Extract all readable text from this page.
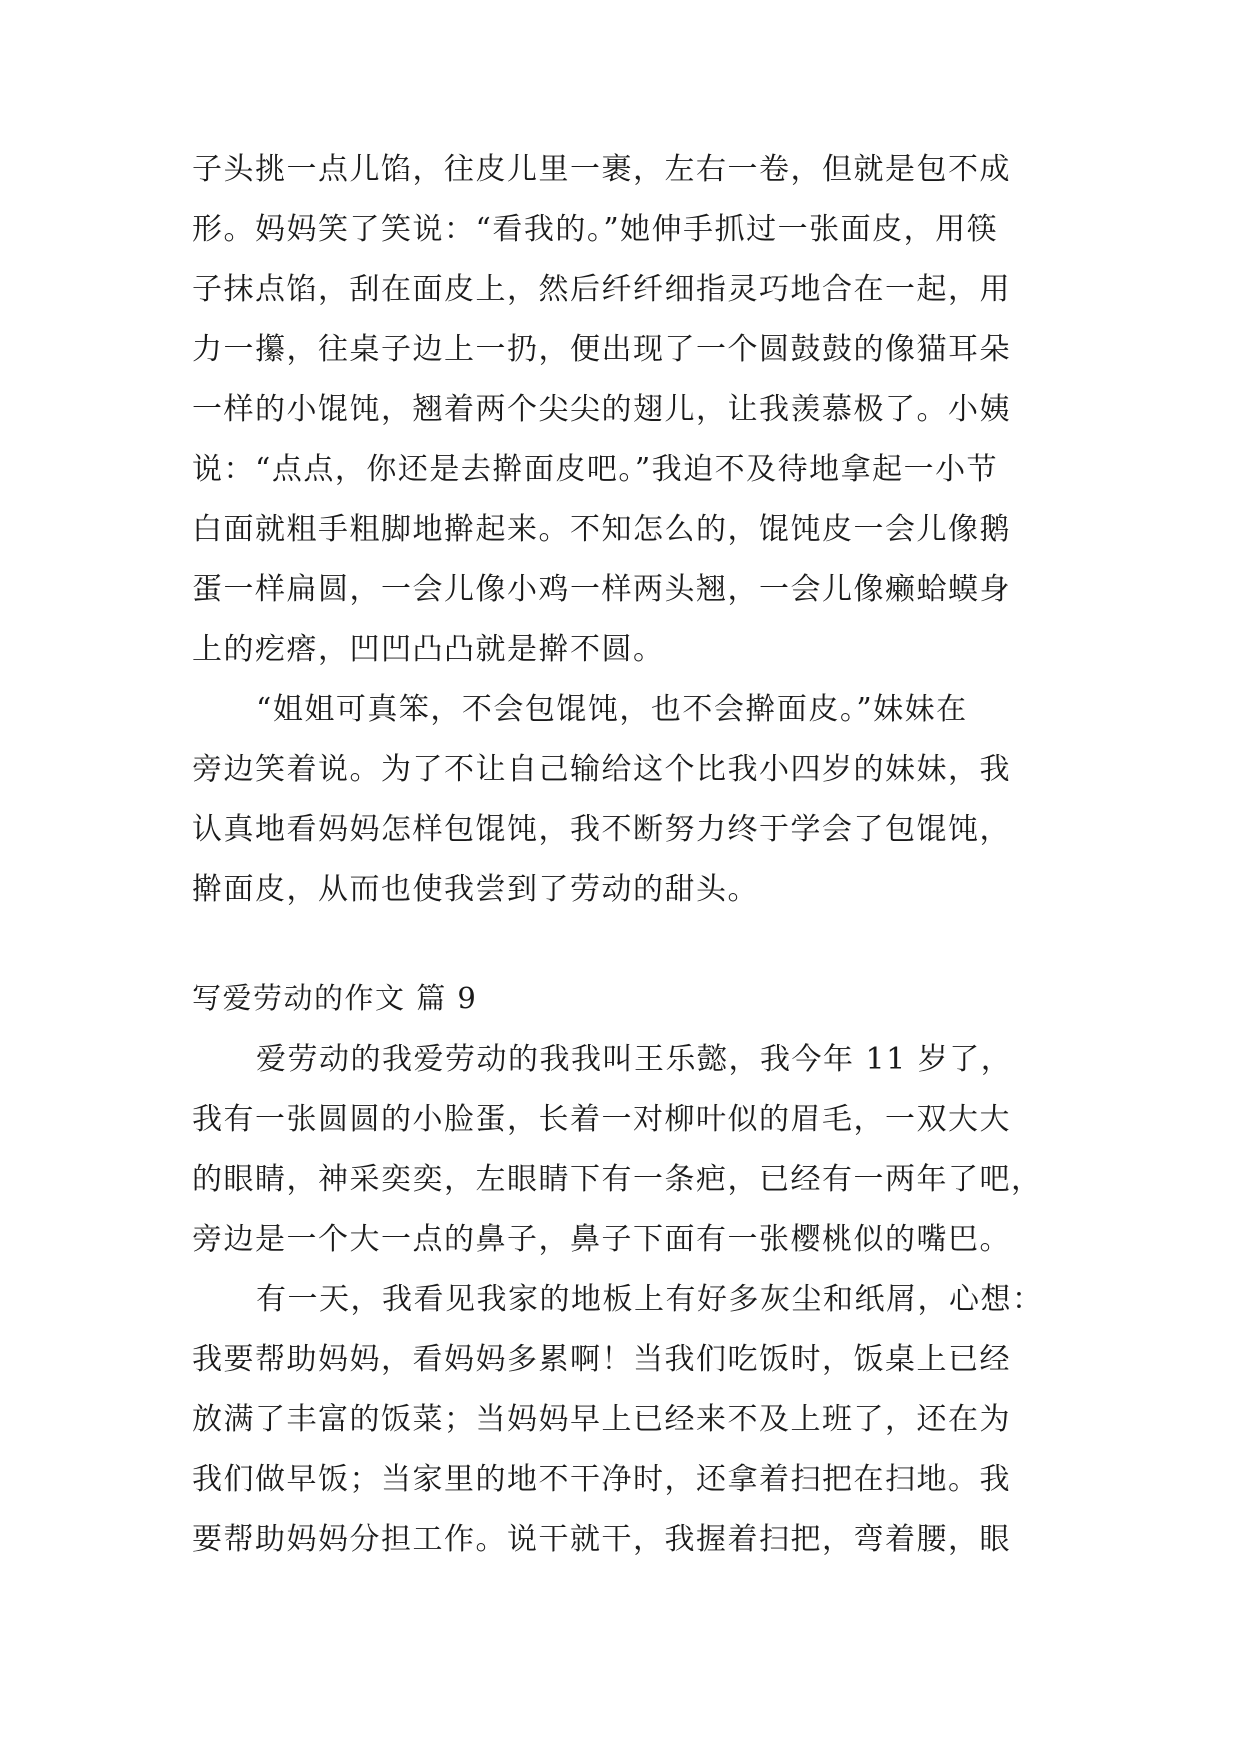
子头挑一点儿馅，往皮儿里一裹，左右一卷，但就是包不成
形。妈妈笑了笑说：“看我的。”她伸手抓过一张面皮，用筷
子抹点馅，刮在面皮上，然后纤纤细指灵巧地合在一起，用
力一攥，往桌子边上一扔，便出现了一个圆鼓鼓的像猫耳朵
一样的小馄饨，翘着两个尖尖的翅儿，让我羡慕极了。小姨
说：“点点，你还是去擀面皮吧。”我迫不及待地拿起一小节
白面就粗手粗脚地擀起来。不知怎么的，馄饨皮一会儿像鹅
蛋一样扁圆，一会儿像小鸡一样两头翘，一会儿像癞蛤蟆身
上的疙瘩，凹凹凸凸就是擀不圆。
“姐姐可真笨，不会包馄饨，也不会擀面皮。”妹妹在
旁边笑着说。为了不让自己输给这个比我小四岁的妹妹，我
认真地看妈妈怎样包馄饨，我不断努力终于学会了包馄饨，
擀面皮，从而也使我尝到了劳动的甜头。
写爱劳动的作文 篇 9
爱劳动的我爱劳动的我我叫王乐懿，我今年 11 岁了，
我有一张圆圆的小脸蛋，长着一对柳叶似的眉毛，一双大大
的眼睛，神采奕奕，左眼睛下有一条疤，已经有一两年了吧，
旁边是一个大一点的鼻子，鼻子下面有一张樱桃似的嘴巴。
有一天，我看见我家的地板上有好多灰尘和纸屑，心想：
我要帮助妈妈，看妈妈多累啊！当我们吃饭时，饭桌上已经
放满了丰富的饭菜；当妈妈早上已经来不及上班了，还在为
我们做早饭；当家里的地不干净时，还拿着扫把在扫地。我
要帮助妈妈分担工作。说干就干，我握着扫把，弯着腰，眼
